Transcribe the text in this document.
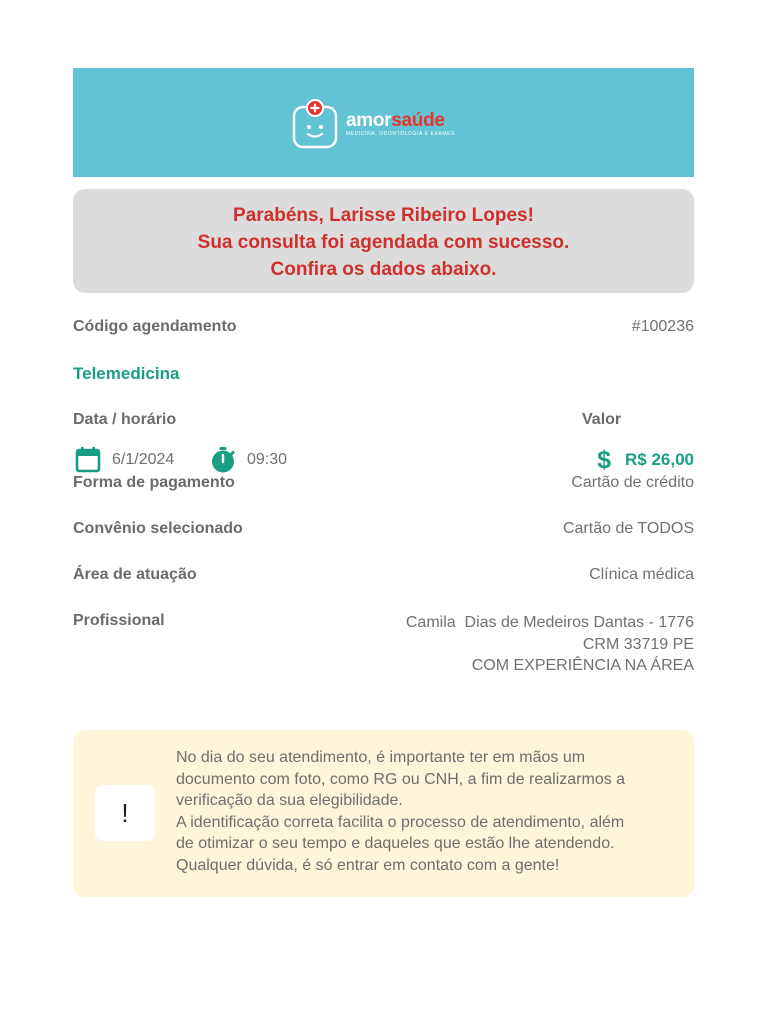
amorsaúde
MEDICINA, ODONTOLOGIA E EXAMES
Parabéns, Larisse Ribeiro Lopes!
Sua consulta foi agendada com sucesso.
Confira os dados abaixo.
Código agendamento	#100236
Telemedicina
Data / horário	Valor
6/1/2024	09:30	$ R$ 26,00
Forma de pagamento	Cartão de crédito
Convênio selecionado	Cartão de TODOS
Área de atuação	Clínica médica
Profissional	Camila  Dias de Medeiros Dantas - 1776
CRM 33719 PE
COM EXPERIÊNCIA NA ÁREA
!
No dia do seu atendimento, é importante ter em mãos um
documento com foto, como RG ou CNH, a fim de realizarmos a
verificação da sua elegibilidade.
A identificação correta facilita o processo de atendimento, além
de otimizar o seu tempo e daqueles que estão lhe atendendo.
Qualquer dúvida, é só entrar em contato com a gente!
